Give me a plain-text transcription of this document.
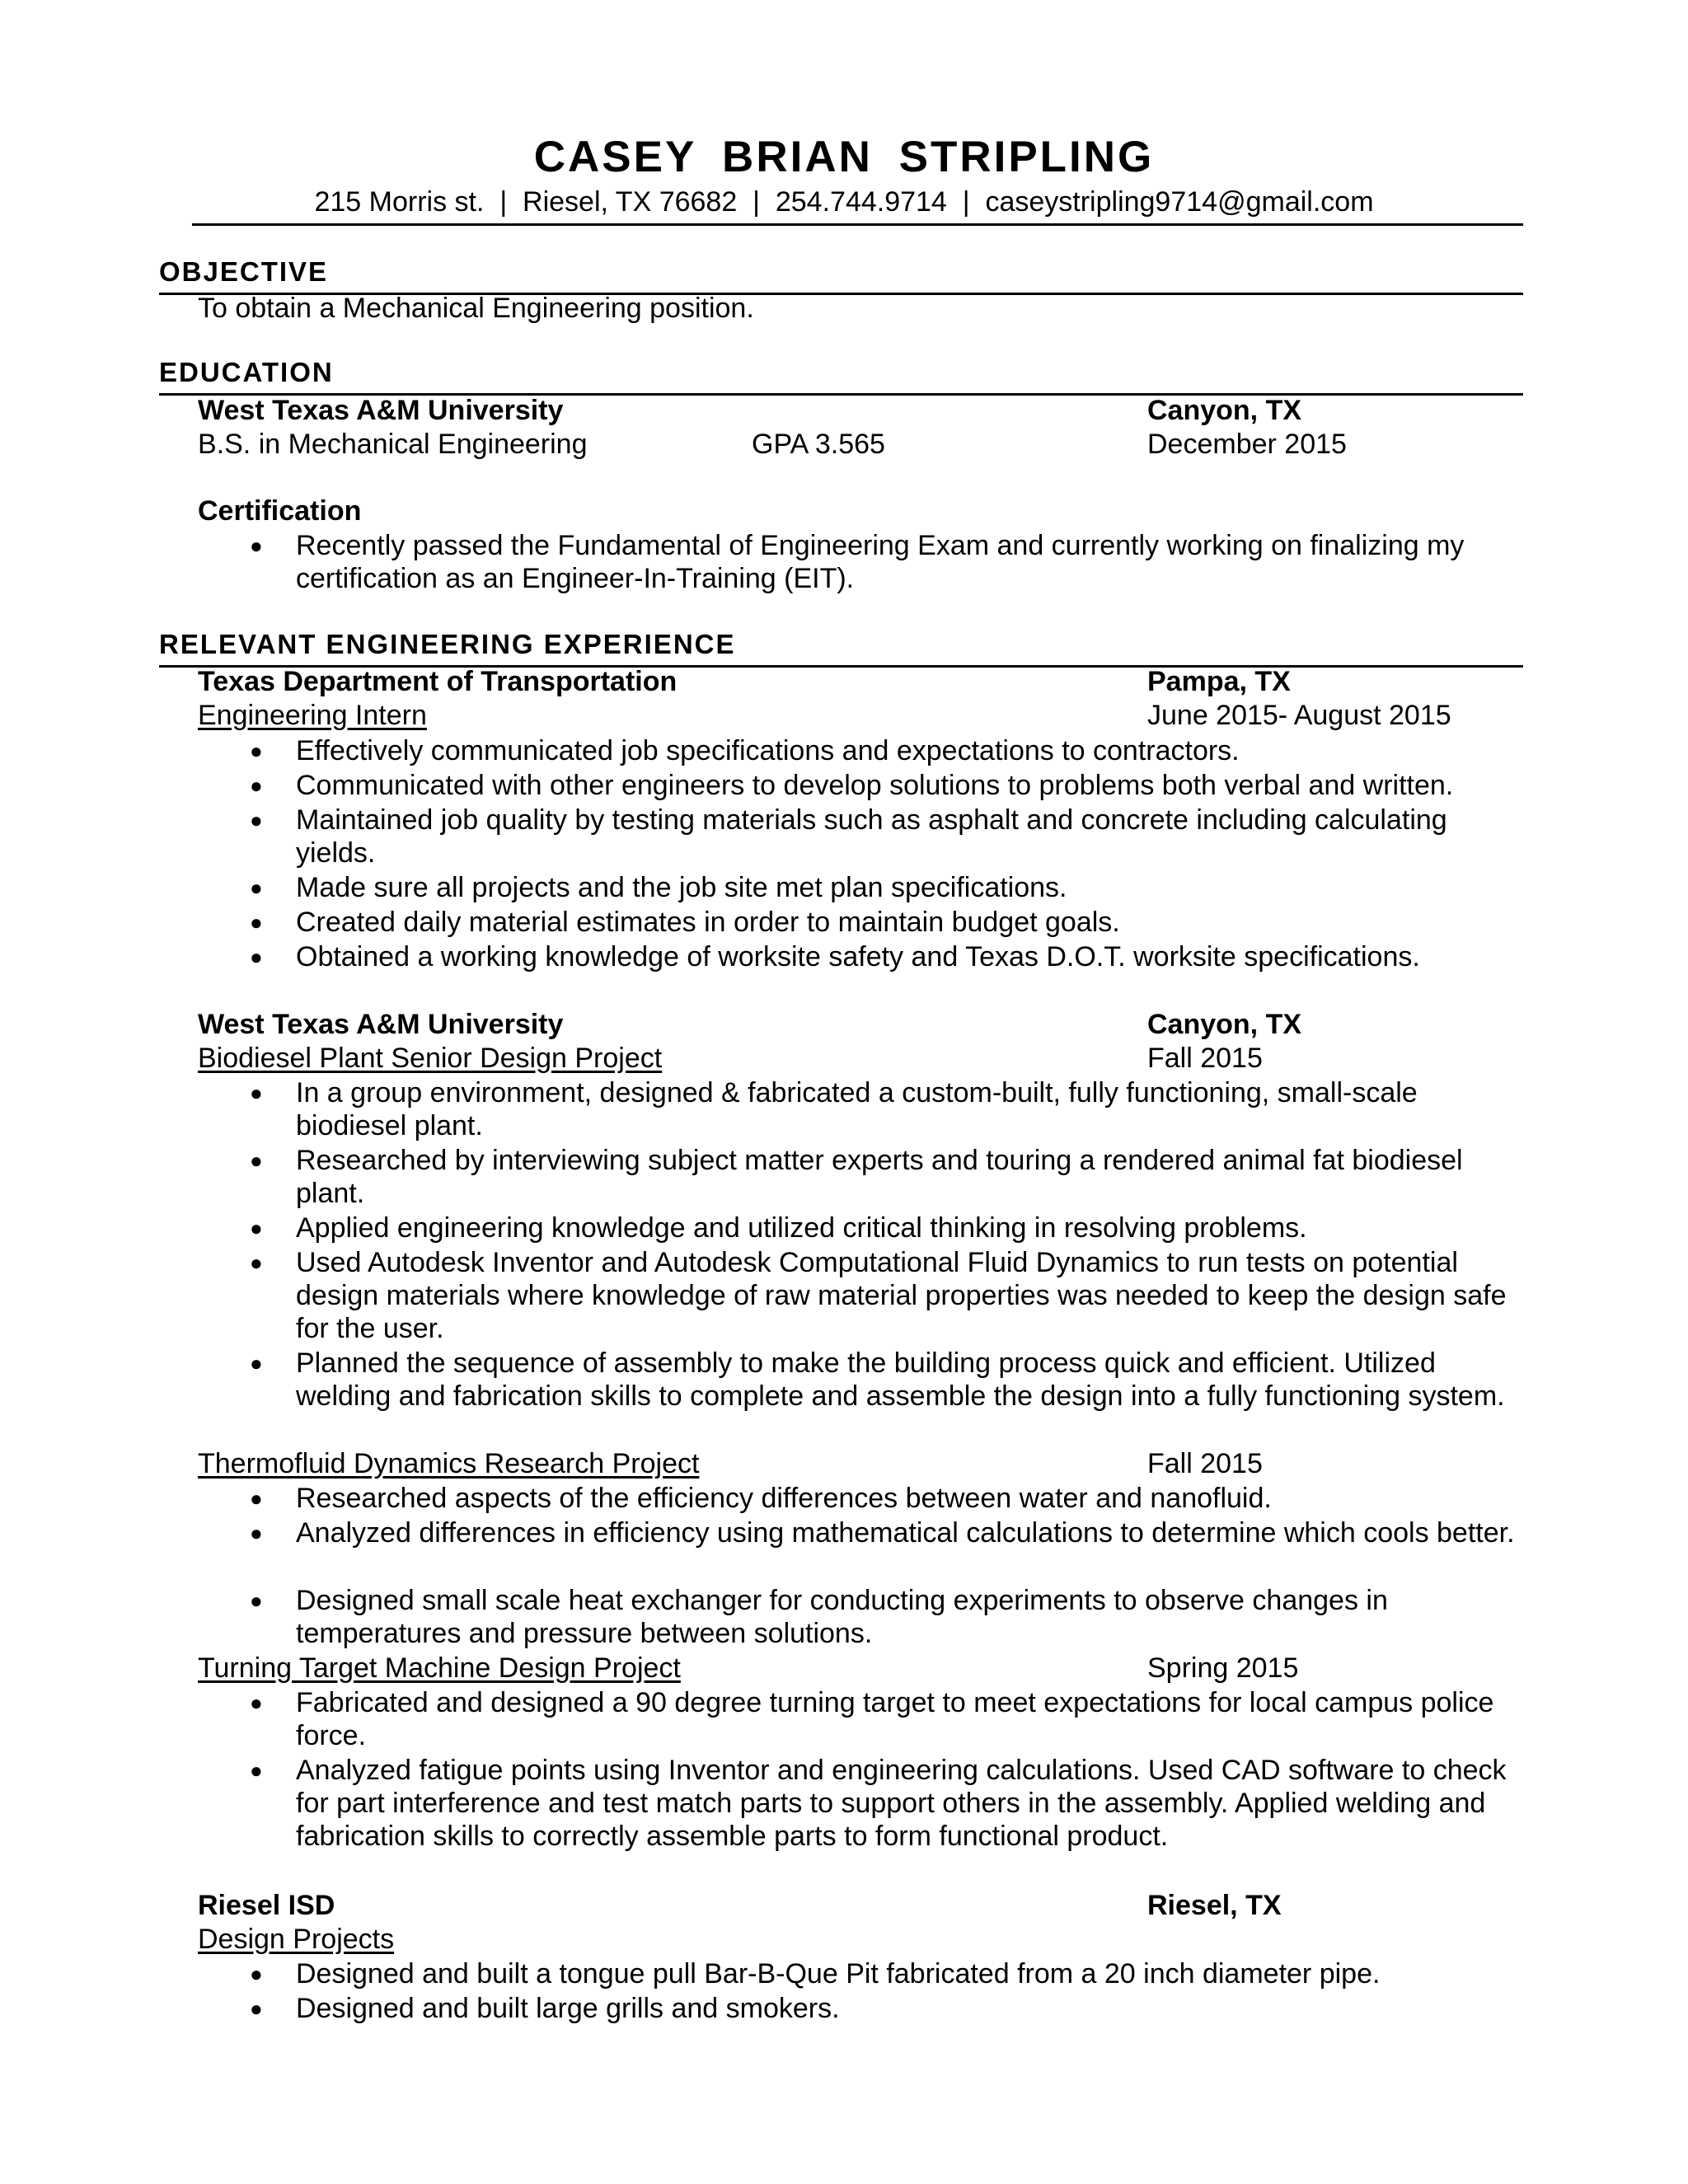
CASEY BRIAN STRIPLING
215 Morris st.  |  Riesel, TX 76682  |  254.744.9714  |  caseystripling9714@gmail.com
OBJECTIVE
To obtain a Mechanical Engineering position.
EDUCATION
West Texas A&M University	Canyon, TX
B.S. in Mechanical Engineering	GPA 3.565	December 2015
Certification
● Recently passed the Fundamental of Engineering Exam and currently working on finalizing my certification as an Engineer-In-Training (EIT).
RELEVANT ENGINEERING EXPERIENCE
Texas Department of Transportation	Pampa, TX
Engineering Intern	June 2015- August 2015
● Effectively communicated job specifications and expectations to contractors.
● Communicated with other engineers to develop solutions to problems both verbal and written.
● Maintained job quality by testing materials such as asphalt and concrete including calculating yields.
● Made sure all projects and the job site met plan specifications.
● Created daily material estimates in order to maintain budget goals.
● Obtained a working knowledge of worksite safety and Texas D.O.T. worksite specifications.
West Texas A&M University	Canyon, TX
Biodiesel Plant Senior Design Project	Fall 2015
● In a group environment, designed & fabricated a custom-built, fully functioning, small-scale biodiesel plant.
● Researched by interviewing subject matter experts and touring a rendered animal fat biodiesel plant.
● Applied engineering knowledge and utilized critical thinking in resolving problems.
● Used Autodesk Inventor and Autodesk Computational Fluid Dynamics to run tests on potential design materials where knowledge of raw material properties was needed to keep the design safe for the user.
● Planned the sequence of assembly to make the building process quick and efficient. Utilized welding and fabrication skills to complete and assemble the design into a fully functioning system.
Thermofluid Dynamics Research Project	Fall 2015
● Researched aspects of the efficiency differences between water and nanofluid.
● Analyzed differences in efficiency using mathematical calculations to determine which cools better.
● Designed small scale heat exchanger for conducting experiments to observe changes in temperatures and pressure between solutions.
Turning Target Machine Design Project	Spring 2015
● Fabricated and designed a 90 degree turning target to meet expectations for local campus police force.
● Analyzed fatigue points using Inventor and engineering calculations. Used CAD software to check for part interference and test match parts to support others in the assembly. Applied welding and fabrication skills to correctly assemble parts to form functional product.
Riesel ISD	Riesel, TX
Design Projects
● Designed and built a tongue pull Bar-B-Que Pit fabricated from a 20 inch diameter pipe.
● Designed and built large grills and smokers.
